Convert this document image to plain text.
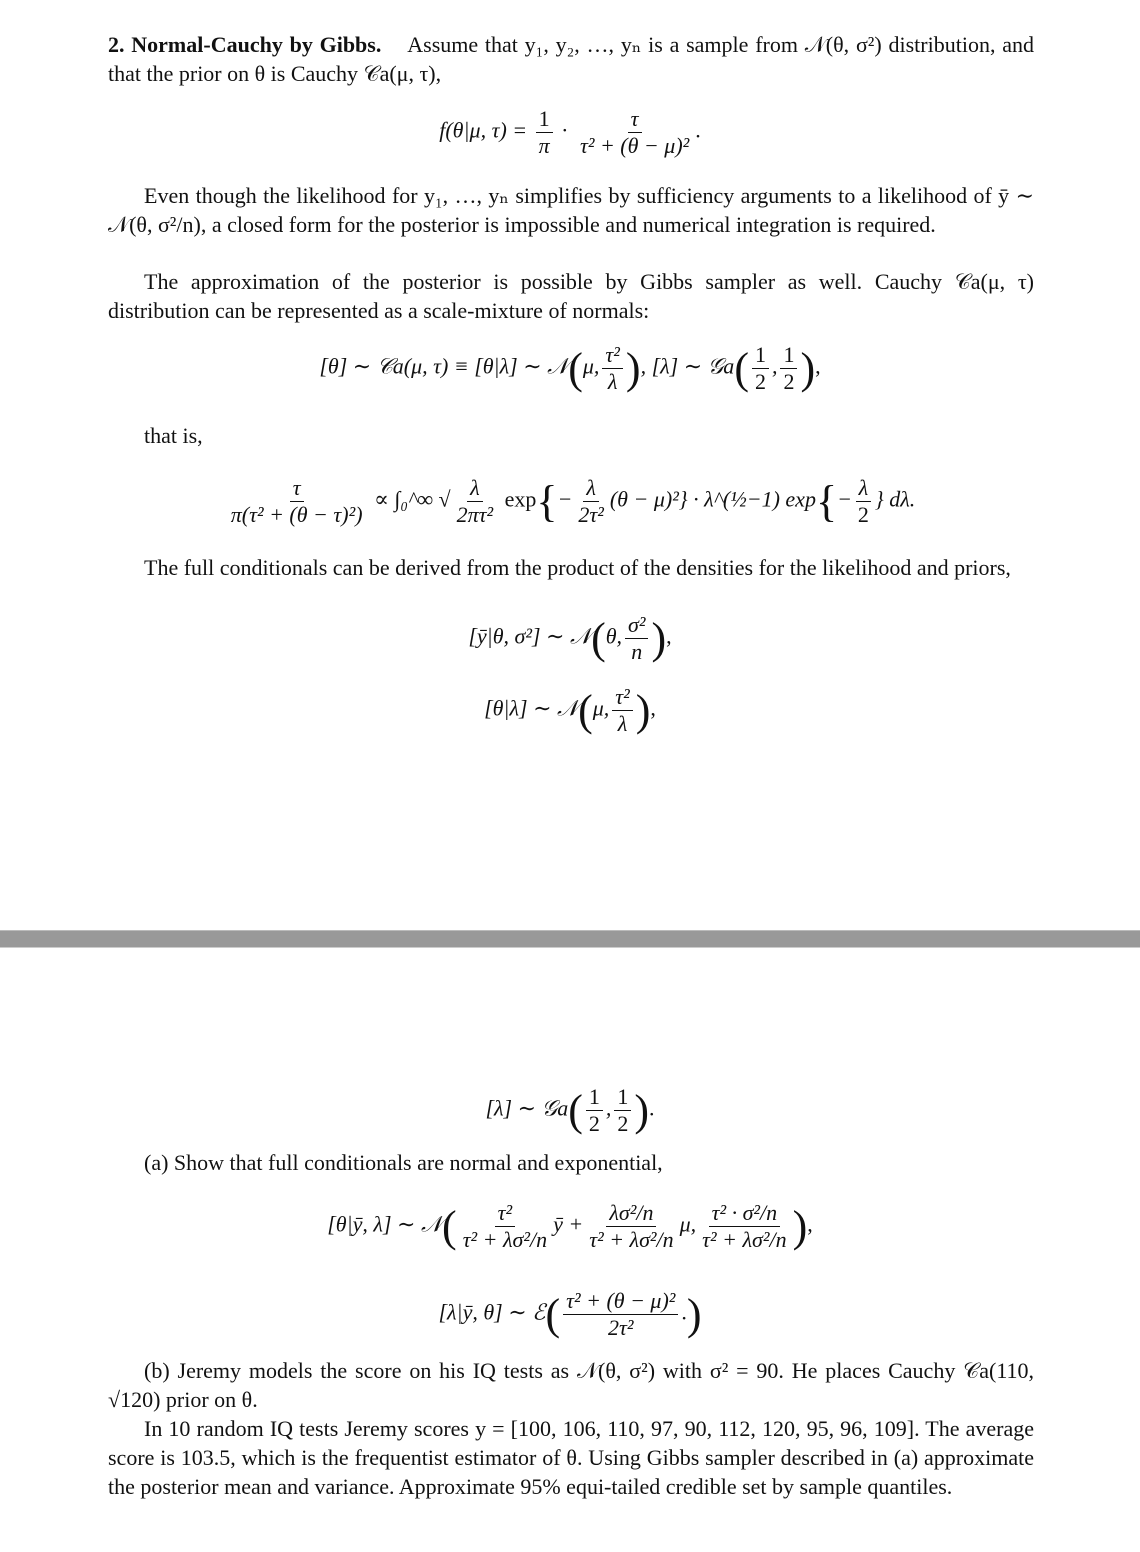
2. Normal-Cauchy by Gibbs. Assume that y₁, y₂, …, yₙ is a sample from 𝒩(θ, σ²) distribution, and that the prior on θ is Cauchy 𝒞a(μ, τ),
f(θ|μ, $\tau) = \frac{1}{\pi} \cdot \frac{\tau}{\text{τ² + (θ − μ)²}}$ .
Even though the likelihood for y₁, …, yₙ simplifies by sufficiency arguments to a likelihood of ȳ ∼ 𝒩(θ, σ²/n), a closed form for the posterior is impossible and numerical integration is required.
The approximation of the posterior is possible by Gibbs sampler as well. Cauchy 𝒞a(μ, τ) distribution can be represented as a scale-mixture of normals:
[θ] ∼ 𝒞a(μ, τ) ≡ [θ|λ] ∼ 𝒩(μ, $\frac{\text{τ²}}{\lambda}$ ), [λ] ∼ 𝒢a( $\frac{1}{2}$ , $\frac{1}{2}$ ),
that is,
$\frac{\tau}{\text{π(τ² + (θ − τ)²)}}$ ∝ ∫₀^∞ √ $\frac{\lambda}{\text{2πτ²}} \exp\{- \frac{\lambda}{\text{2τ²}} (\theta - \mu)^2\}$ · λ^(½−1) $\exp\{- \frac{\lambda}{2}$ } dλ.
The full conditionals can be derived from the product of the densities for the likelihood and priors,
[ȳ|θ, σ²] ∼ 𝒩(θ, $\frac{\text{σ²}}{n}$ ),
[θ|λ] ∼ 𝒩(μ, $\frac{\text{τ²}}{\lambda}$ ),
[λ] ∼ 𝒢a( $\frac{1}{2}$ , $\frac{1}{2}$ ).
(a) Show that full conditionals are normal and exponential,
[θ|ȳ, λ] ∼ 𝒩( $\frac{\text{τ²}}{\text{τ² + λσ²/n}}$ ȳ + $\frac{\text{λσ²/n}}{\text{τ² + λσ²/n}} \mu$, $\frac{\text{τ² · σ²/n}}{\text{τ² + λσ²/n}}$ ),
[λ|ȳ, θ] ∼ ℰ( $\frac{\text{τ² + (θ − μ)²}}{\text{2τ²}}$ .)
(b) Jeremy models the score on his IQ tests as 𝒩(θ, σ²) with σ² = 90. He places Cauchy 𝒞a(110, √120) prior on θ.
In 10 random IQ tests Jeremy scores y = [100, 106, 110, 97, 90, 112, 120, 95, 96, 109]. The average score is 103.5, which is the frequentist estimator of θ. Using Gibbs sampler described in (a) approximate the posterior mean and variance. Approximate 95% equi-tailed credible set by sample quantiles.
